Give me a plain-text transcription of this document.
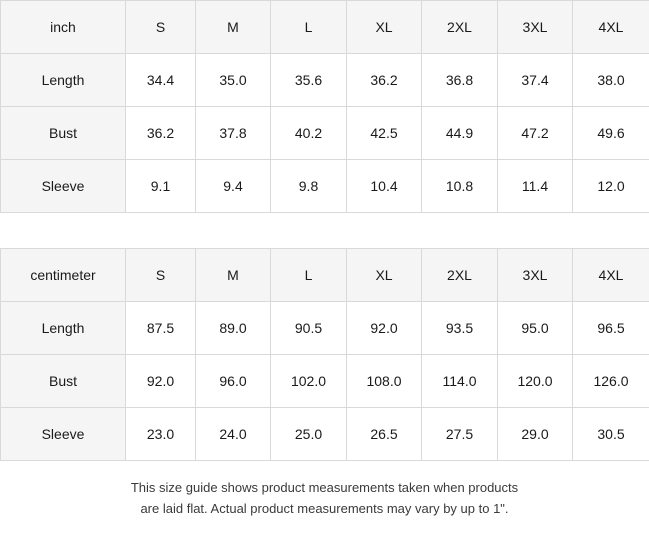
inch	S	M	L	XL	2XL	3XL	4XL
Length	34.4	35.0	35.6	36.2	36.8	37.4	38.0
Bust	36.2	37.8	40.2	42.5	44.9	47.2	49.6
Sleeve	9.1	9.4	9.8	10.4	10.8	11.4	12.0
centimeter	S	M	L	XL	2XL	3XL	4XL
Length	87.5	89.0	90.5	92.0	93.5	95.0	96.5
Bust	92.0	96.0	102.0	108.0	114.0	120.0	126.0
Sleeve	23.0	24.0	25.0	26.5	27.5	29.0	30.5
This size guide shows product measurements taken when products
are laid flat. Actual product measurements may vary by up to 1".
